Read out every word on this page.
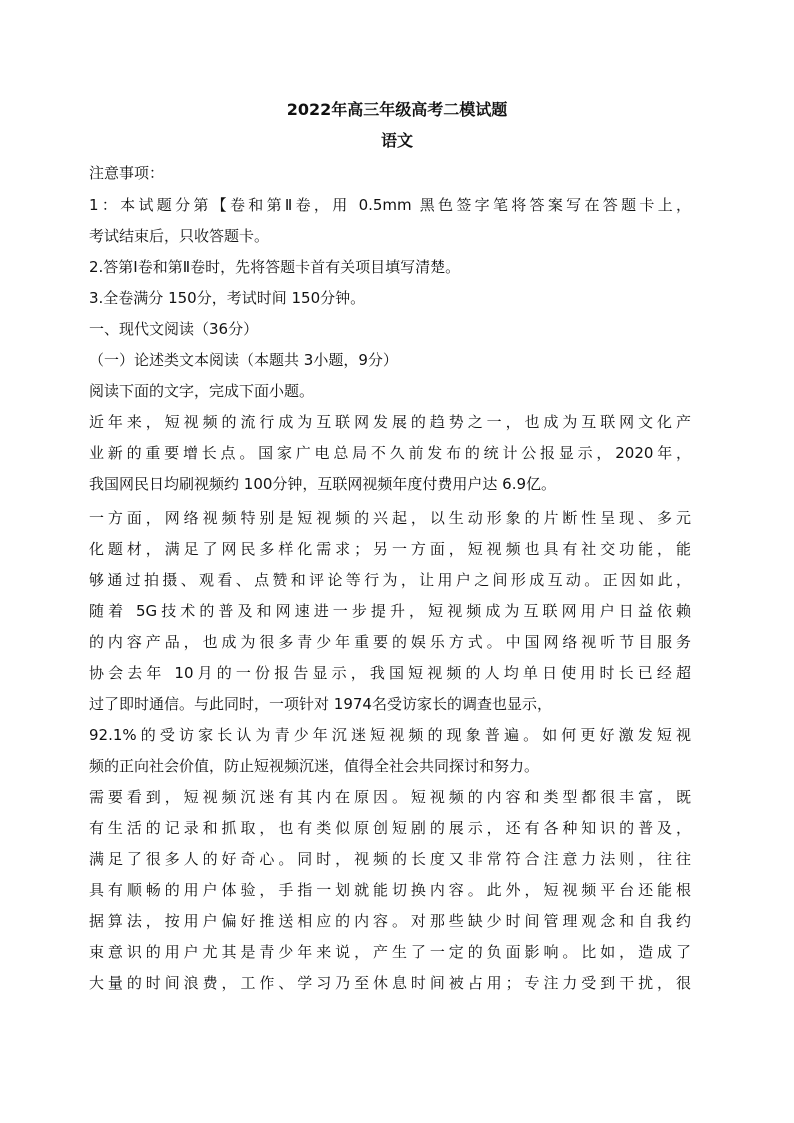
2022年高三年级高考二模试题
语文
注意事项：
1：本试题分第【卷和第Ⅱ卷，用 0.5mm 黑色签字笔将答案写在答题卡上，
考试结束后，只收答题卡。
2.答第Ⅰ卷和第Ⅱ卷时，先将答题卡首有关项目填写清楚。
3.全卷满分 150分，考试时间 150分钟。
一、现代文阅读（36分）
（一）论述类文本阅读（本题共 3小题，9分）
阅读下面的文字，完成下面小题。
近年来，短视频的流行成为互联网发展的趋势之一，也成为互联网文化产
业新的重要增长点。国家广电总局不久前发布的统计公报显示，2020年，
我国网民日均刷视频约 100分钟，互联网视频年度付费用户达 6.9亿。
一方面，网络视频特别是短视频的兴起，以生动形象的片断性呈现、多元
化题材，满足了网民多样化需求；另一方面，短视频也具有社交功能，能
够通过拍摄、观看、点赞和评论等行为，让用户之间形成互动。正因如此，
随着 5G技术的普及和网速进一步提升，短视频成为互联网用户日益依赖
的内容产品，也成为很多青少年重要的娱乐方式。中国网络视听节目服务
协会去年 10月的一份报告显示，我国短视频的人均单日使用时长已经超
过了即时通信。与此同时，一项针对 1974名受访家长的调查也显示，
92.1%的受访家长认为青少年沉迷短视频的现象普遍。如何更好激发短视
频的正向社会价值，防止短视频沉迷，值得全社会共同探讨和努力。
需要看到，短视频沉迷有其内在原因。短视频的内容和类型都很丰富，既
有生活的记录和抓取，也有类似原创短剧的展示，还有各种知识的普及，
满足了很多人的好奇心。同时，视频的长度又非常符合注意力法则，往往
具有顺畅的用户体验，手指一划就能切换内容。此外，短视频平台还能根
据算法，按用户偏好推送相应的内容。对那些缺少时间管理观念和自我约
束意识的用户尤其是青少年来说，产生了一定的负面影响。比如，造成了
大量的时间浪费，工作、学习乃至休息时间被占用；专注力受到干扰，很
